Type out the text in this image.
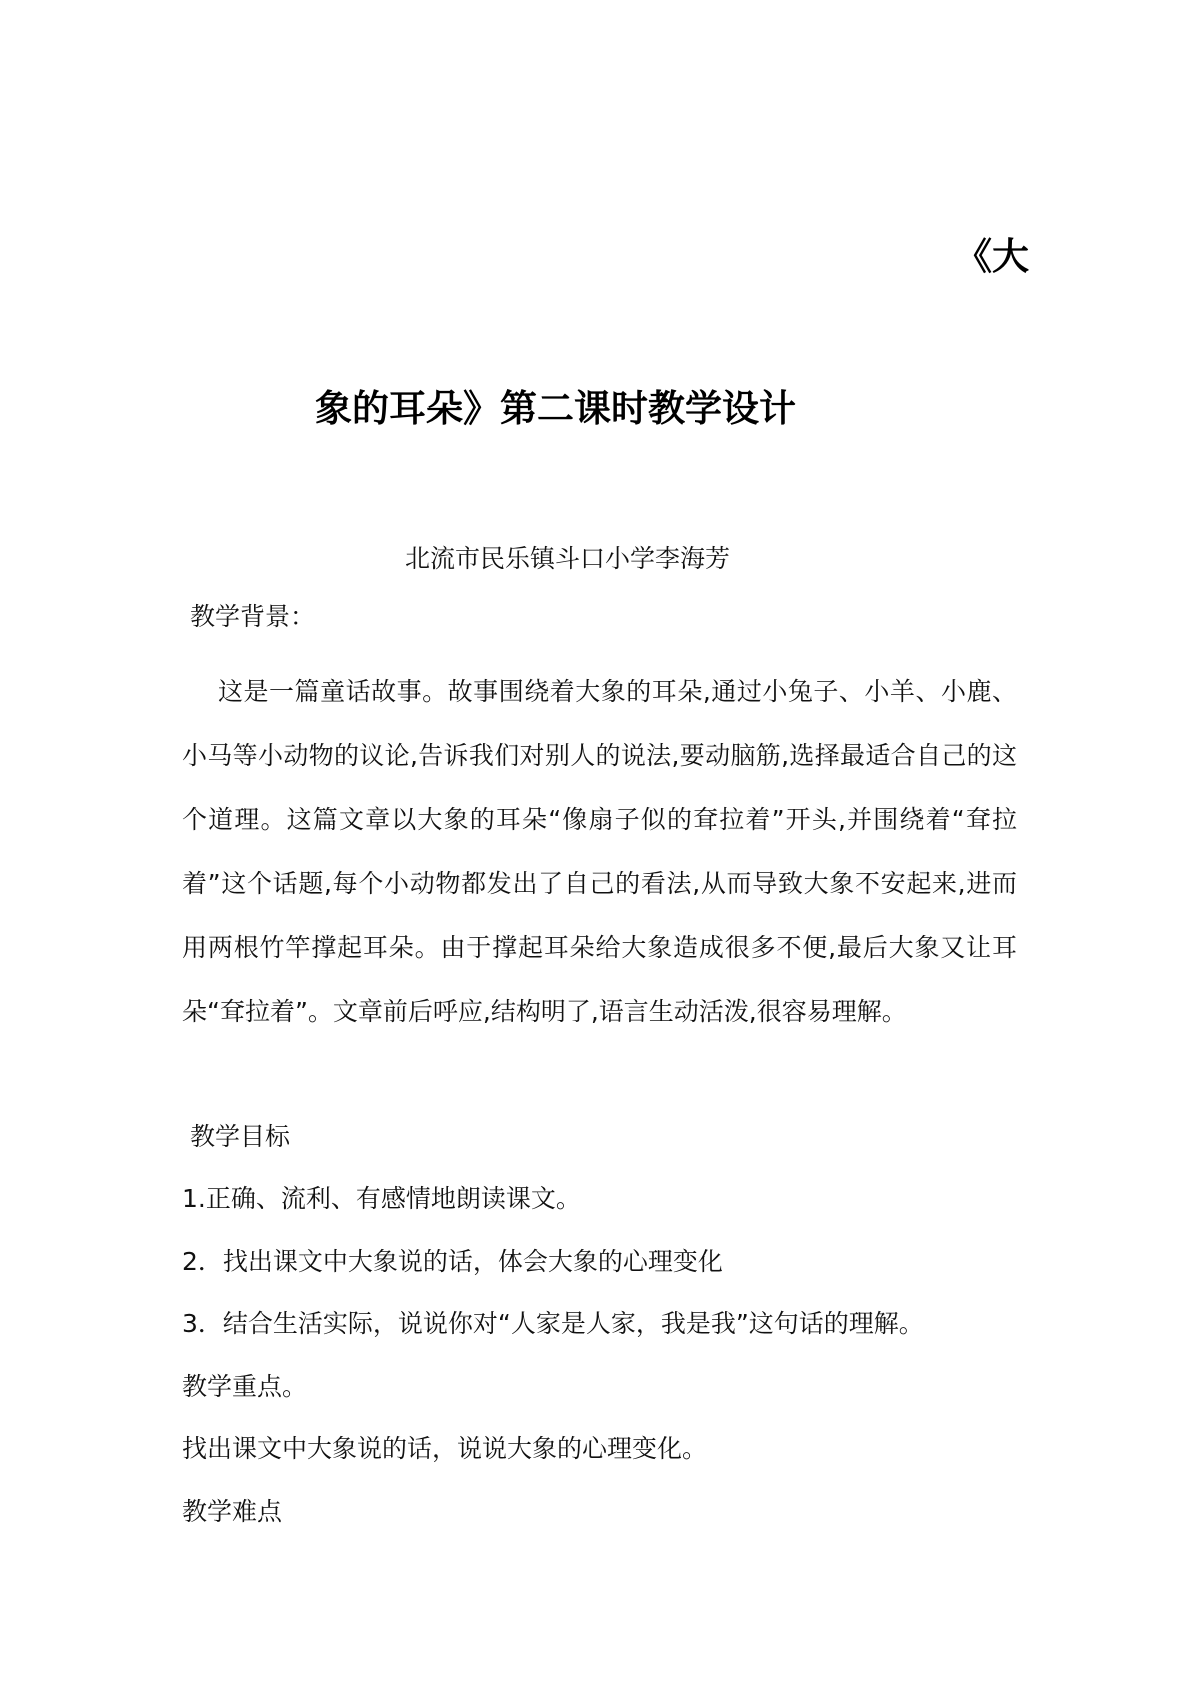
《大
象的耳朵》第二课时教学设计
北流市民乐镇斗口小学李海芳
教学背景：
这是一篇童话故事。故事围绕着大象的耳朵,通过小兔子、小羊、小鹿、小马等小动物的议论,告诉我们对别人的说法,要动脑筋,选择最适合自己的这个道理。这篇文章以大象的耳朵“像扇子似的耷拉着”开头,并围绕着“耷拉着”这个话题,每个小动物都发出了自己的看法,从而导致大象不安起来,进而用两根竹竿撑起耳朵。由于撑起耳朵给大象造成很多不便,最后大象又让耳朵“耷拉着”。文章前后呼应,结构明了,语言生动活泼,很容易理解。
教学目标
1.正确、流利、有感情地朗读课文。
2．找出课文中大象说的话，体会大象的心理变化
3．结合生活实际，说说你对“人家是人家，我是我”这句话的理解。
教学重点。
找出课文中大象说的话，说说大象的心理变化。
教学难点
